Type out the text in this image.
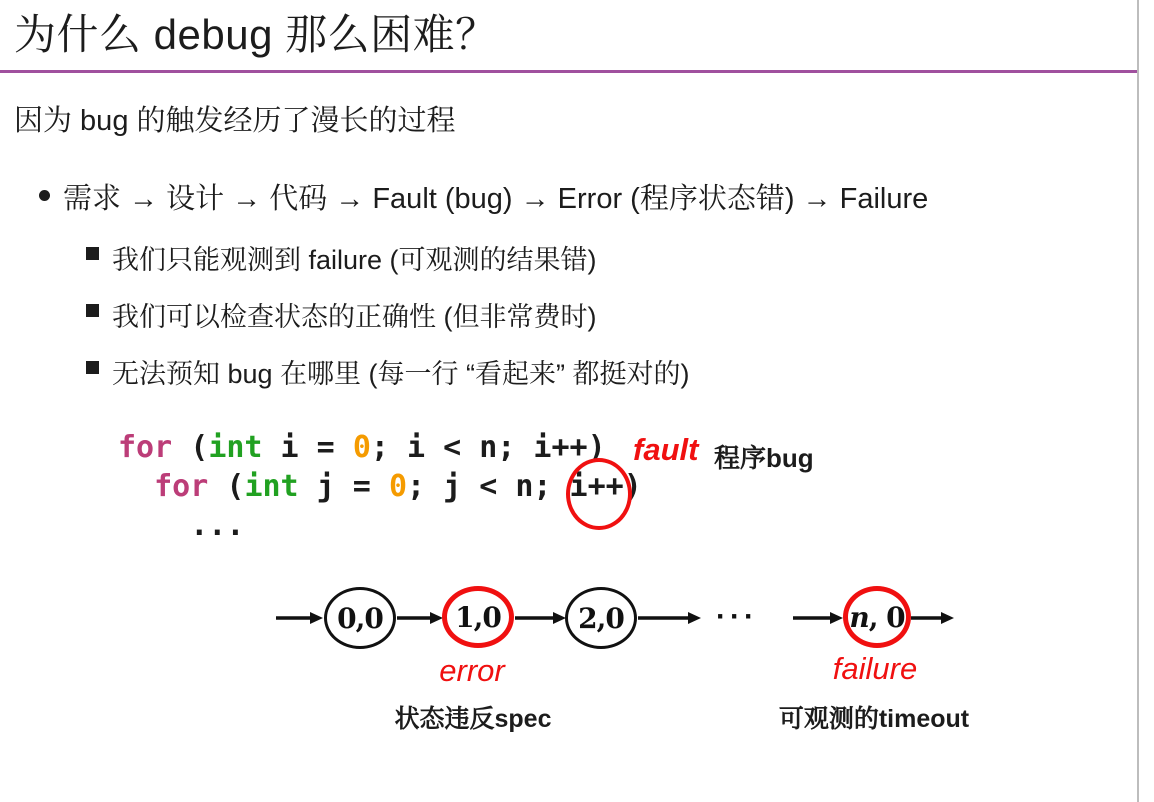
为什么 debug 那么困难？

因为 bug 的触发经历了漫长的过程

需求 → 设计 → 代码 → Fault (bug) → Error (程序状态错) → Failure

我们只能观测到 failure (可观测的结果错)

我们可以检查状态的正确性 (但非常费时)

无法预知 bug 在哪里 (每一行 “看起来” 都挺对的)

for (int i = 0; i < n; i++)
for (int j = 0; j < n; i++)
...
fault 程序bug
0,0	1,0	2,0	···	n , 0
error
状态违反spec
failure
可观测的timeout
